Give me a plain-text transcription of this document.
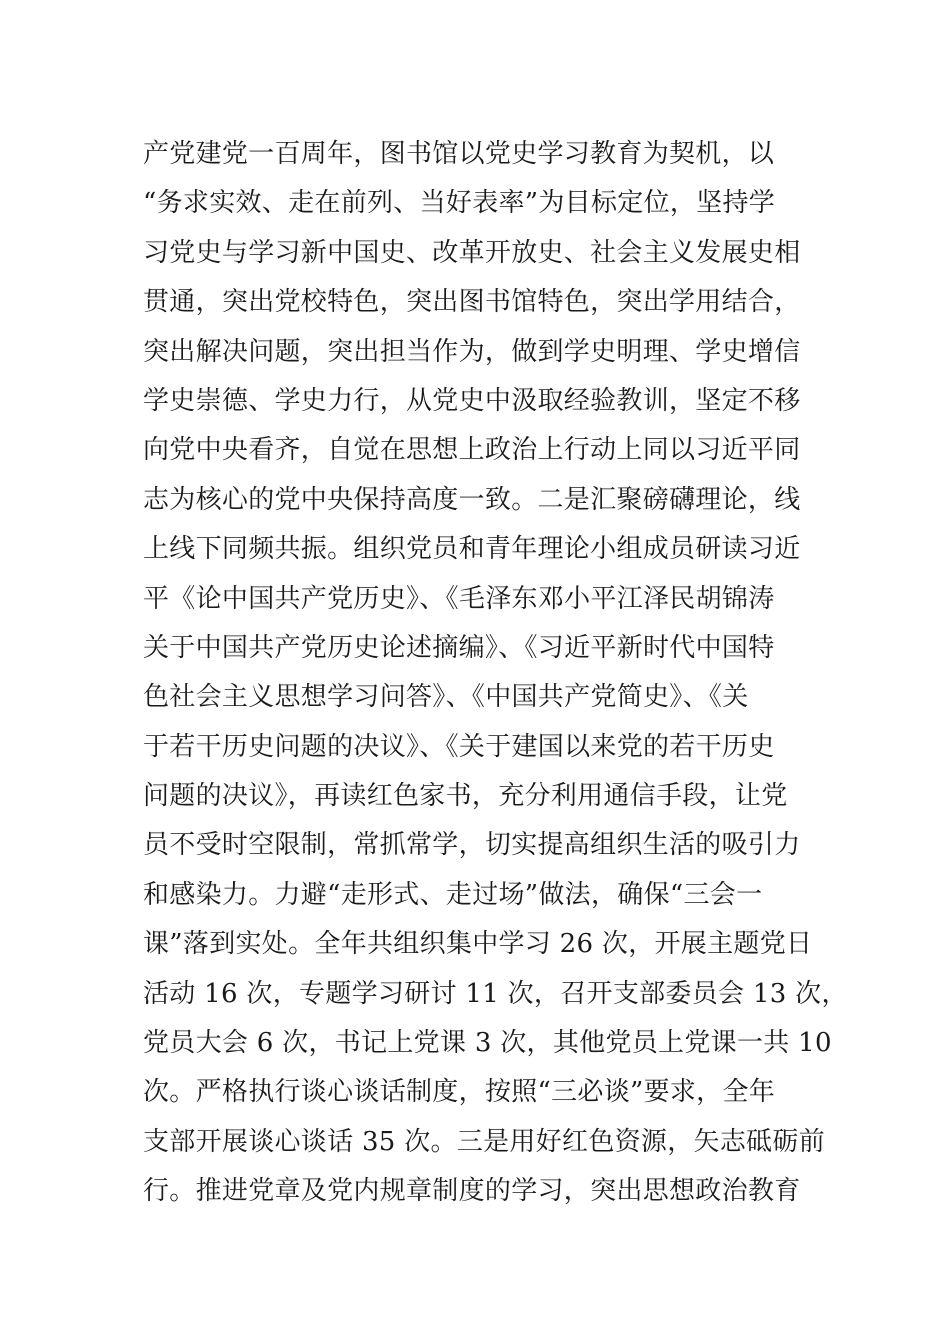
产党建党一百周年，图书馆以党史学习教育为契机，以
“务求实效、走在前列、当好表率”为目标定位，坚持学
习党史与学习新中国史、改革开放史、社会主义发展史相
贯通，突出党校特色，突出图书馆特色，突出学用结合，
突出解决问题，突出担当作为，做到学史明理、学史增信
学史崇德、学史力行，从党史中汲取经验教训，坚定不移
向党中央看齐，自觉在思想上政治上行动上同以习近平同
志为核心的党中央保持高度一致。二是汇聚磅礴理论，线
上线下同频共振。组织党员和青年理论小组成员研读习近
平《论中国共产党历史》、《毛泽东邓小平江泽民胡锦涛
关于中国共产党历史论述摘编》、《习近平新时代中国特
色社会主义思想学习问答》、《中国共产党简史》、《关
于若干历史问题的决议》、《关于建国以来党的若干历史
问题的决议》，再读红色家书，充分利用通信手段，让党
员不受时空限制，常抓常学，切实提高组织生活的吸引力
和感染力。力避“走形式、走过场”做法，确保“三会一
课”落到实处。全年共组织集中学习 26 次，开展主题党日
活动 16 次，专题学习研讨 11 次，召开支部委员会 13 次，
党员大会 6 次，书记上党课 3 次，其他党员上党课一共 10
次。严格执行谈心谈话制度，按照“三必谈”要求，全年
支部开展谈心谈话 35 次。三是用好红色资源，矢志砥砺前
行。推进党章及党内规章制度的学习，突出思想政治教育
